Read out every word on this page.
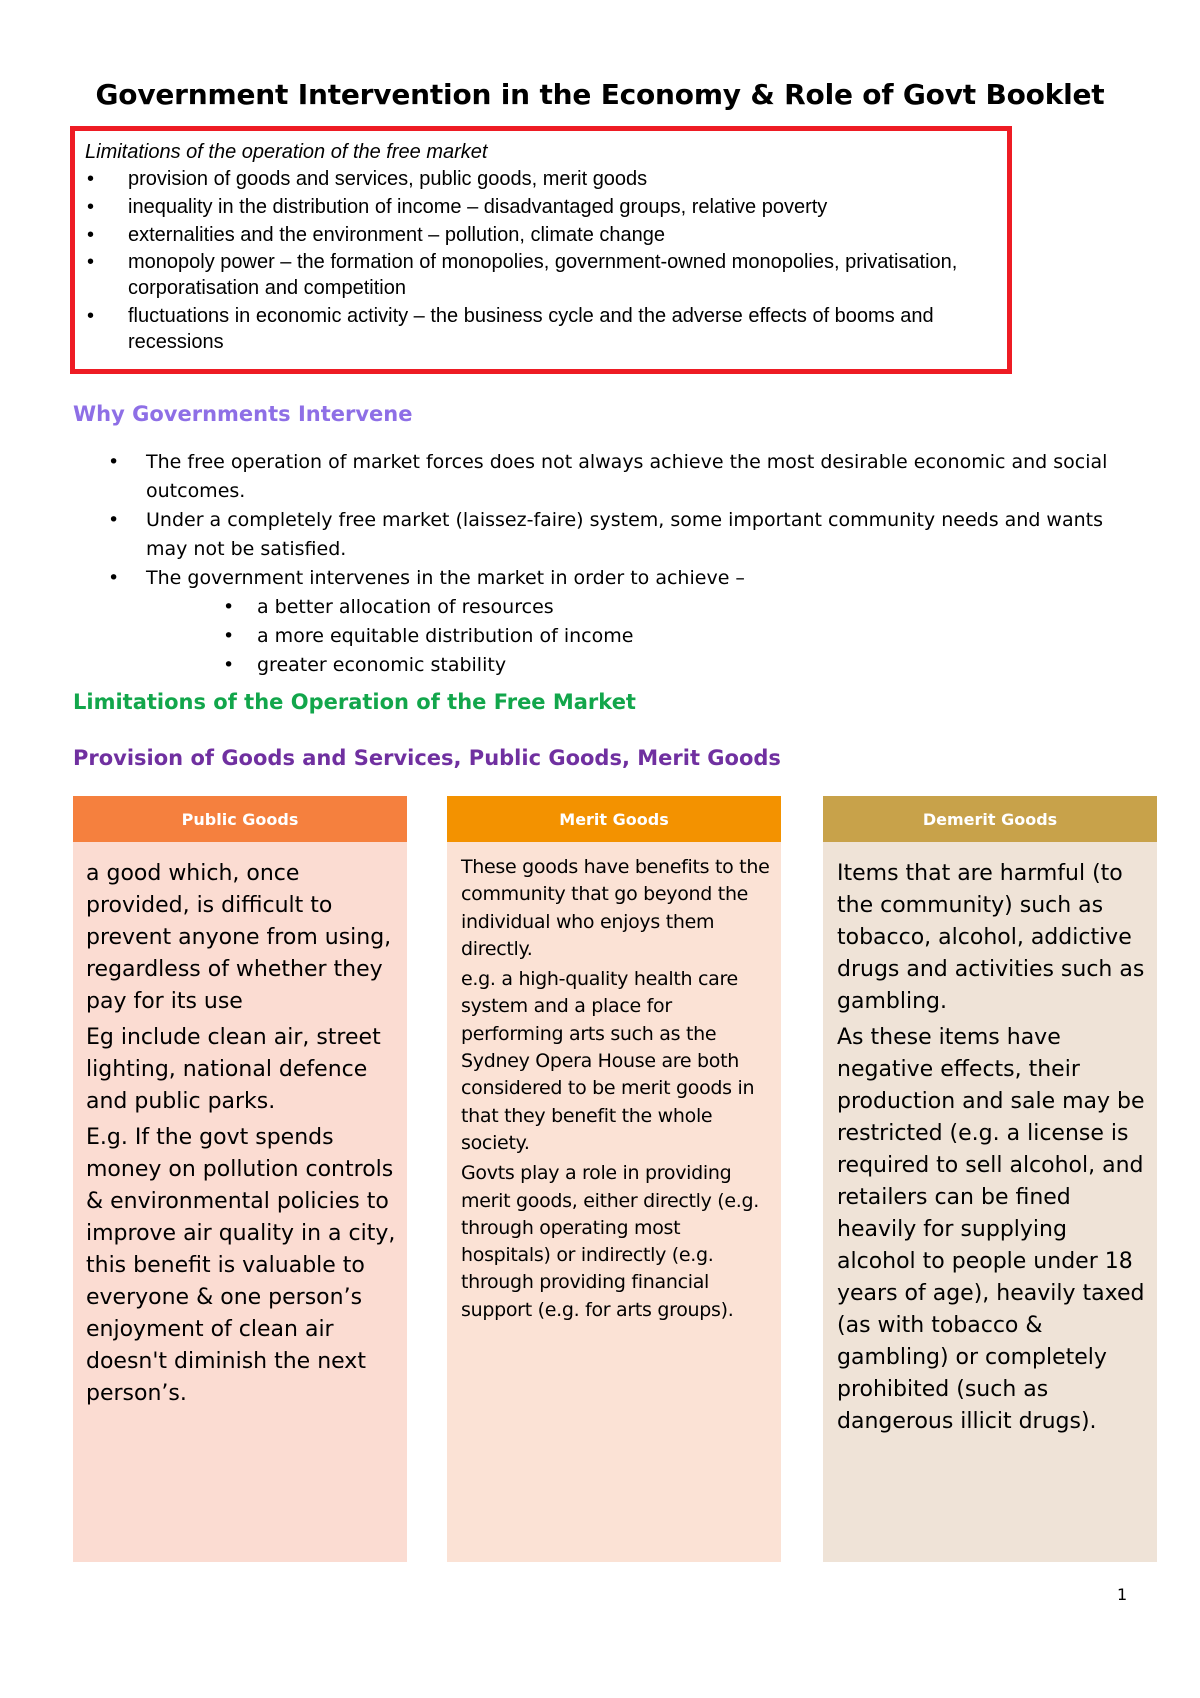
Government Intervention in the Economy & Role of Govt Booklet
Limitations of the operation of the free market
• provision of goods and services, public goods, merit goods
• inequality in the distribution of income – disadvantaged groups, relative poverty
• externalities and the environment – pollution, climate change
• monopoly power – the formation of monopolies, government-owned monopolies, privatisation, corporatisation and competition
• fluctuations in economic activity – the business cycle and the adverse effects of booms and recessions
Why Governments Intervene
• The free operation of market forces does not always achieve the most desirable economic and social outcomes.
• Under a completely free market (laissez-faire) system, some important community needs and wants may not be satisfied.
• The government intervenes in the market in order to achieve –
• a better allocation of resources
• a more equitable distribution of income
• greater economic stability
Limitations of the Operation of the Free Market
Provision of Goods and Services, Public Goods, Merit Goods
Public Goods

a good which, once provided, is difficult to prevent anyone from using, regardless of whether they pay for its use

Eg include clean air, street lighting, national defence and public parks.

E.g. If the govt spends money on pollution controls & environmental policies to improve air quality in a city, this benefit is valuable to everyone & one person’s enjoyment of clean air doesn't diminish the next person’s.

Merit Goods

These goods have benefits to the community that go beyond the individual who enjoys them directly.

e.g. a high-quality health care system and a place for performing arts such as the Sydney Opera House are both considered to be merit goods in that they benefit the whole society.

Govts play a role in providing merit goods, either directly (e.g. through operating most hospitals) or indirectly (e.g. through providing financial support (e.g. for arts groups).

Demerit Goods

Items that are harmful (to the community) such as tobacco, alcohol, addictive drugs and activities such as gambling.

As these items have negative effects, their production and sale may be restricted (e.g. a license is required to sell alcohol, and retailers can be fined heavily for supplying alcohol to people under 18 years of age), heavily taxed (as with tobacco & gambling) or completely prohibited (such as dangerous illicit drugs).

1
